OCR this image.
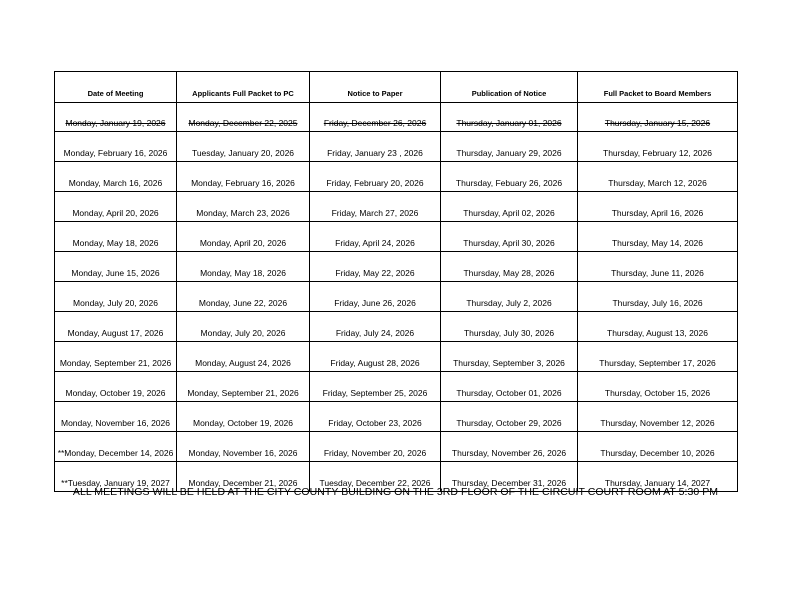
Date of Meeting	Applicants Full Packet to PC	Notice to Paper	Publication of Notice	Full Packet to Board Members
Monday, January 19, 2026	Monday, December 22, 2025	Friday, December 26, 2026	Thursday, January 01, 2026	Thursday, January 15, 2026
Monday, February 16, 2026	Tuesday, January 20, 2026	Friday, January 23 , 2026	Thursday, January 29, 2026	Thursday, February 12, 2026
Monday, March 16, 2026	Monday, February 16, 2026	Friday, February 20, 2026	Thursday, Febuary 26, 2026	Thursday, March 12, 2026
Monday, April 20, 2026	Monday, March 23, 2026	Friday, March 27, 2026	Thursday, April 02, 2026	Thursday, April 16, 2026
Monday, May 18, 2026	Monday, April 20, 2026	Friday, April 24, 2026	Thursday, April 30, 2026	Thursday, May 14, 2026
Monday, June 15, 2026	Monday, May 18, 2026	Friday, May 22, 2026	Thursday, May 28, 2026	Thursday, June 11, 2026
Monday, July 20, 2026	Monday, June 22, 2026	Friday, June 26, 2026	Thursday, July 2, 2026	Thursday, July 16, 2026
Monday, August 17, 2026	Monday, July 20, 2026	Friday, July 24, 2026	Thursday, July 30, 2026	Thursday, August 13, 2026
Monday, September 21, 2026	Monday, August 24, 2026	Friday, August 28, 2026	Thursday, September 3, 2026	Thursday, September 17, 2026
Monday, October 19, 2026	Monday, September 21, 2026	Friday, September 25, 2026	Thursday, October 01, 2026	Thursday, October 15, 2026
Monday, November 16, 2026	Monday, October 19, 2026	Friday, October 23, 2026	Thursday, October 29, 2026	Thursday, November 12, 2026
**Monday, December 14, 2026	Monday, November 16, 2026	Friday, November 20, 2026	Thursday, November 26, 2026	Thursday, December 10, 2026
**Tuesday, January 19, 2027	Monday, December 21, 2026	Tuesday, December 22, 2026	Thursday, December 31, 2026	Thursday, January 14, 2027
ALL MEETINGS WILL BE HELD AT THE CITY COUNTY BUILDING ON THE 3RD FLOOR OF THE CIRCUIT COURT ROOM AT 5:30 PM
